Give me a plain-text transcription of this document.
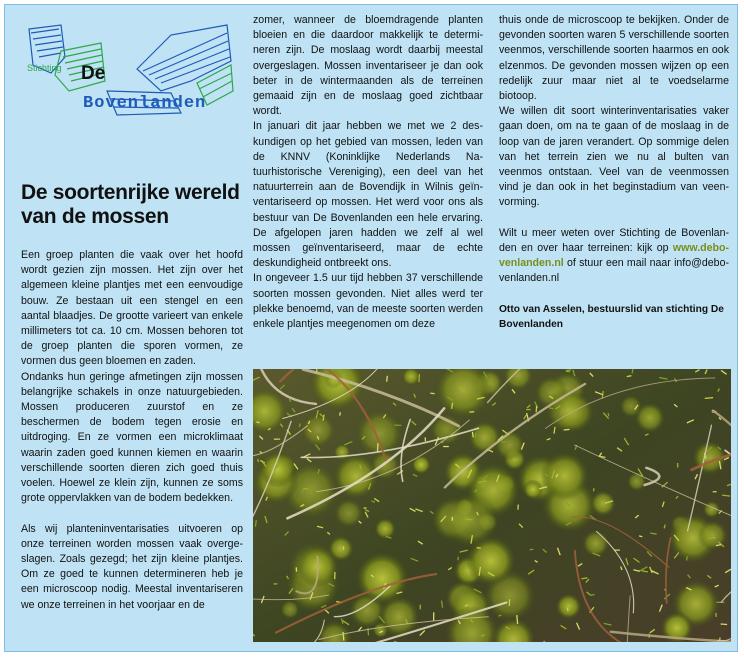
Stichting De
Bovenlanden
De soortenrijke wereld van de mossen

Een groep planten die vaak over het hoofd wordt gezien zijn mossen. Het zijn over het algemeen kleine plantjes met een eenvoudige bouw. Ze bestaan uit een stengel en een aantal blaadjes. De grootte varieert van enkele millimeters tot ca. 10 cm. Mossen behoren tot de groep planten die sporen vormen, ze vormen dus geen bloemen en zaden.

Ondanks hun geringe afmetingen zijn mossen belangrijke schakels in onze natuurgebieden. Mossen produceren zuurstof en ze beschermen de bodem tegen erosie en uitdroging. En ze vormen een microklimaat waarin zaden goed kunnen kiemen en waarin verschillende soorten dieren zich goed thuis voelen. Hoewel ze klein zijn, kunnen ze soms grote oppervlakken van de bodem bedekken.

Als wij planteninventarisaties uitvoeren op onze terreinen worden mossen vaak overgeslagen. Zoals gezegd; het zijn kleine plantjes. Om ze goed te kunnen determineren heb je een microscoop nodig. Meestal inventariseren we onze terreinen in het voorjaar en de

zomer, wanneer de bloemdragende planten bloeien en die daardoor makkelijk te determineren zijn. De moslaag wordt daarbij meestal overgeslagen. Mossen inventariseer je dan ook beter in de wintermaanden als de terreinen gemaaid zijn en de moslaag goed zichtbaar wordt.

In januari dit jaar hebben we met we 2 deskundigen op het gebied van mossen, leden van de KNNV (Koninklijke Nederlands Natuurhistorische Vereniging), een deel van het natuurterrein aan de Bovendijk in Wilnis geïnventariseerd op mossen. Het werd voor ons als bestuur van De Bovenlanden een hele ervaring. De afgelopen jaren hadden we zelf al wel mossen geïnventariseerd, maar de echte deskundigheid ontbreekt ons.

In ongeveer 1.5 uur tijd hebben 37 verschillende soorten mossen gevonden. Niet alles werd ter plekke benoemd, van de meeste soorten werden enkele plantjes meegenomen om deze

thuis onde de microscoop te bekijken. Onder de gevonden soorten waren 5 verschillende soorten veenmos, verschillende soorten haarmos en ook elzenmos. De gevonden mossen wijzen op een redelijk zuur maar niet al te voedselarme biotoop.

We willen dit soort winterinventarisaties vaker gaan doen, om na te gaan of de moslaag in de loop van de jaren verandert. Op sommige delen van het terrein zien we nu al bulten van veenmos ontstaan. Veel van de veenmossen vind je dan ook in het beginstadium van veenvorming.

Wilt u meer weten over Stichting de Bovenlanden en over haar terreinen: kijk op www.debovenlanden.nl of stuur een mail naar info@debovenlanden.nl

Otto van Asselen, bestuurslid van stichting De Bovenlanden
